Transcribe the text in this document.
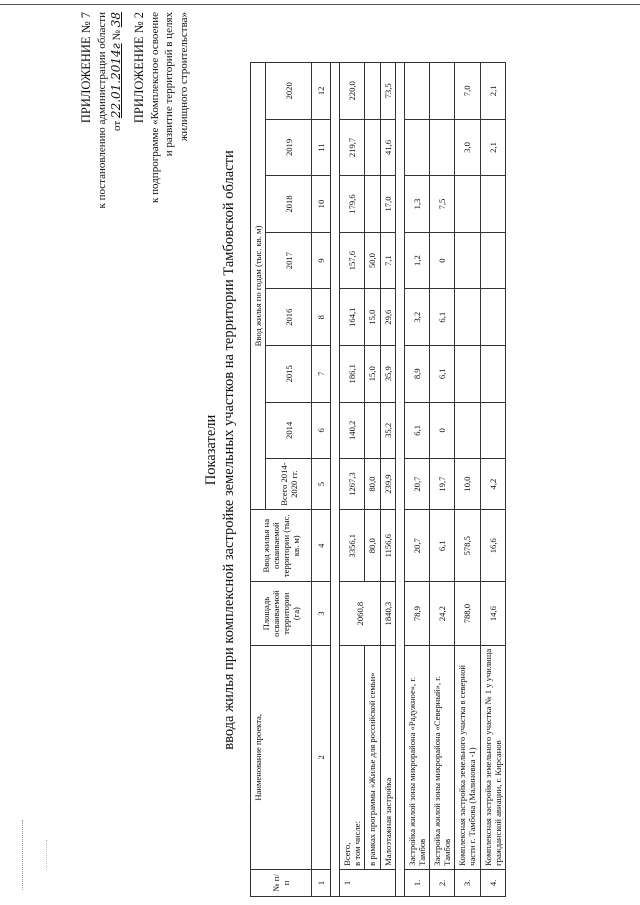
ПРИЛОЖЕНИЕ № 7 к постановлению администрации области от 22.01.2014г № 38 ПРИЛОЖЕНИЕ № 2 к подпрограмме «Комплексное освоение и развитие территорий в целях жилищного строительства»
Показатели ввода жилья при комплексной застройке земельных участков на территории Тамбовской области
№ п/п	Наименование проекта,	Площадь осваиваемой территории (га)	Ввод жилья на осваиваемой территории (тыс. кв. м)	Ввод жилья по годам (тыс. кв. м)							
				Всего 2014-2020 гг.	2014	2015	2016	2017	2018	2019	2020
1	2	3	4	5	6	7	8	9	10	11	12

1	Всего, в том числе:	2060,8	3356,1	1267,3	140,2	186,1	164,1	157,6	179,6	219,7	220,0
	в рамках программы «Жилье для российской семьи»		80,0	80,0		15,0	15,0	50,0			
	Малоэтажная застройка	1840,3	1156,6	239,9	35,2	35,9	29,6	7,1	17,0	41,6	73,5

1.	Застройка жилой зоны микрорайона «Радужное», г. Тамбов	78,9	20,7	20,7	6,1	8,9	3,2	1,2	1,3		
2.	Застройка жилой зоны микрорайона «Северный», г. Тамбов	24,2	6,1	19,7	0	6,1	6,1	0	7,5		
3.	Комплексная застройка земельного участка в северной части г. Тамбова (Малиновка -1)	788,0	578,5	10,0						3,0	7,0
4.	Комплексная застройка земельного участка № 1 у училища гражданской авиации, г. Кирсанов	14,6	16,6	4,2						2,1	2,1
